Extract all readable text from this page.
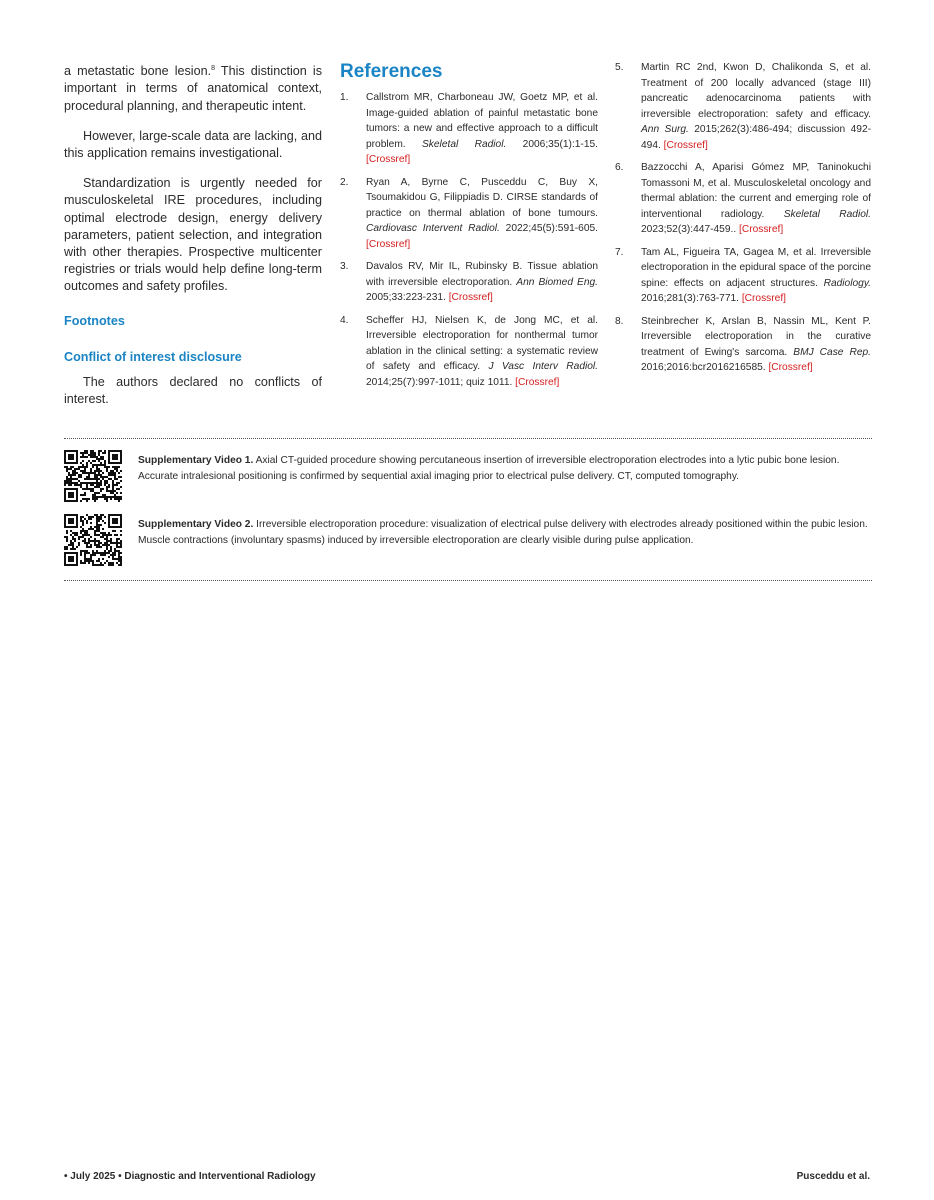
a metastatic bone lesion.$^8$ This distinction is important in terms of anatomical context, procedural planning, and therapeutic intent.

However, large-scale data are lacking, and this application remains investigational.

Standardization is urgently needed for musculoskeletal IRE procedures, including optimal electrode design, energy delivery parameters, patient selection, and integration with other therapies. Prospective multicenter registries or trials would help define long-term outcomes and safety profiles.

Footnotes
Conflict of interest disclosure

The authors declared no conflicts of interest.

References
1.	Callstrom MR, Charboneau JW, Goetz MP, et al. Image-guided ablation of painful metastatic bone tumors: a new and effective approach to a difficult problem. Skeletal Radiol. 2006;35(1):1-15.[Crossref]
2.	Ryan A, Byrne C, Pusceddu C, Buy X, Tsoumakidou G, Filippiadis D. CIRSE standards of practice on thermal ablation of bone tumours. Cardiovasc Intervent Radiol. 2022;45(5):591-605. [Crossref]
3.	Davalos RV, Mir IL, Rubinsky B. Tissue ablation with irreversible electroporation. Ann Biomed Eng. 2005;33:223-231. [Crossref]
4.	Scheffer HJ, Nielsen K, de Jong MC, et al. Irreversible electroporation for nonthermal tumor ablation in the clinical setting: a systematic review of safety and efficacy. J Vasc Interv Radiol. 2014;25(7):997-1011; quiz 1011. [Crossref]
5.	Martin RC 2nd, Kwon D, Chalikonda S, et al. Treatment of 200 locally advanced (stage III) pancreatic adenocarcinoma patients with irreversible electroporation: safety and efficacy. Ann Surg. 2015;262(3):486-494; discussion 492-494. [Crossref]
6.	Bazzocchi A, Aparisi Gómez MP, Taninokuchi Tomassoni M, et al. Musculoskeletal oncology and thermal ablation: the current and emerging role of interventional radiology. Skeletal Radiol. 2023;52(3):447-459.. [Crossref]
7.	Tam AL, Figueira TA, Gagea M, et al. Irreversible electroporation in the epidural space of the porcine spine: effects on adjacent structures. Radiology. 2016;281(3):763-771. [Crossref]
8.	Steinbrecher K, Arslan B, Nassin ML, Kent P. Irreversible electroporation in the curative treatment of Ewing's sarcoma. BMJ Case Rep. 2016;2016:bcr2016216585. [Crossref]
Supplementary Video 1. Axial CT-guided procedure showing percutaneous insertion of irreversible electroporation electrodes into a lytic pubic bone lesion. Accurate intralesional positioning is confirmed by sequential axial imaging prior to electrical pulse delivery. CT, computed tomography.
Supplementary Video 2. Irreversible electroporation procedure: visualization of electrical pulse delivery with electrodes already positioned within the pubic lesion. Muscle contractions (involuntary spasms) induced by irreversible electroporation are clearly visible during pulse application.
• July 2025 • Diagnostic and Interventional Radiology	Pusceddu et al.
